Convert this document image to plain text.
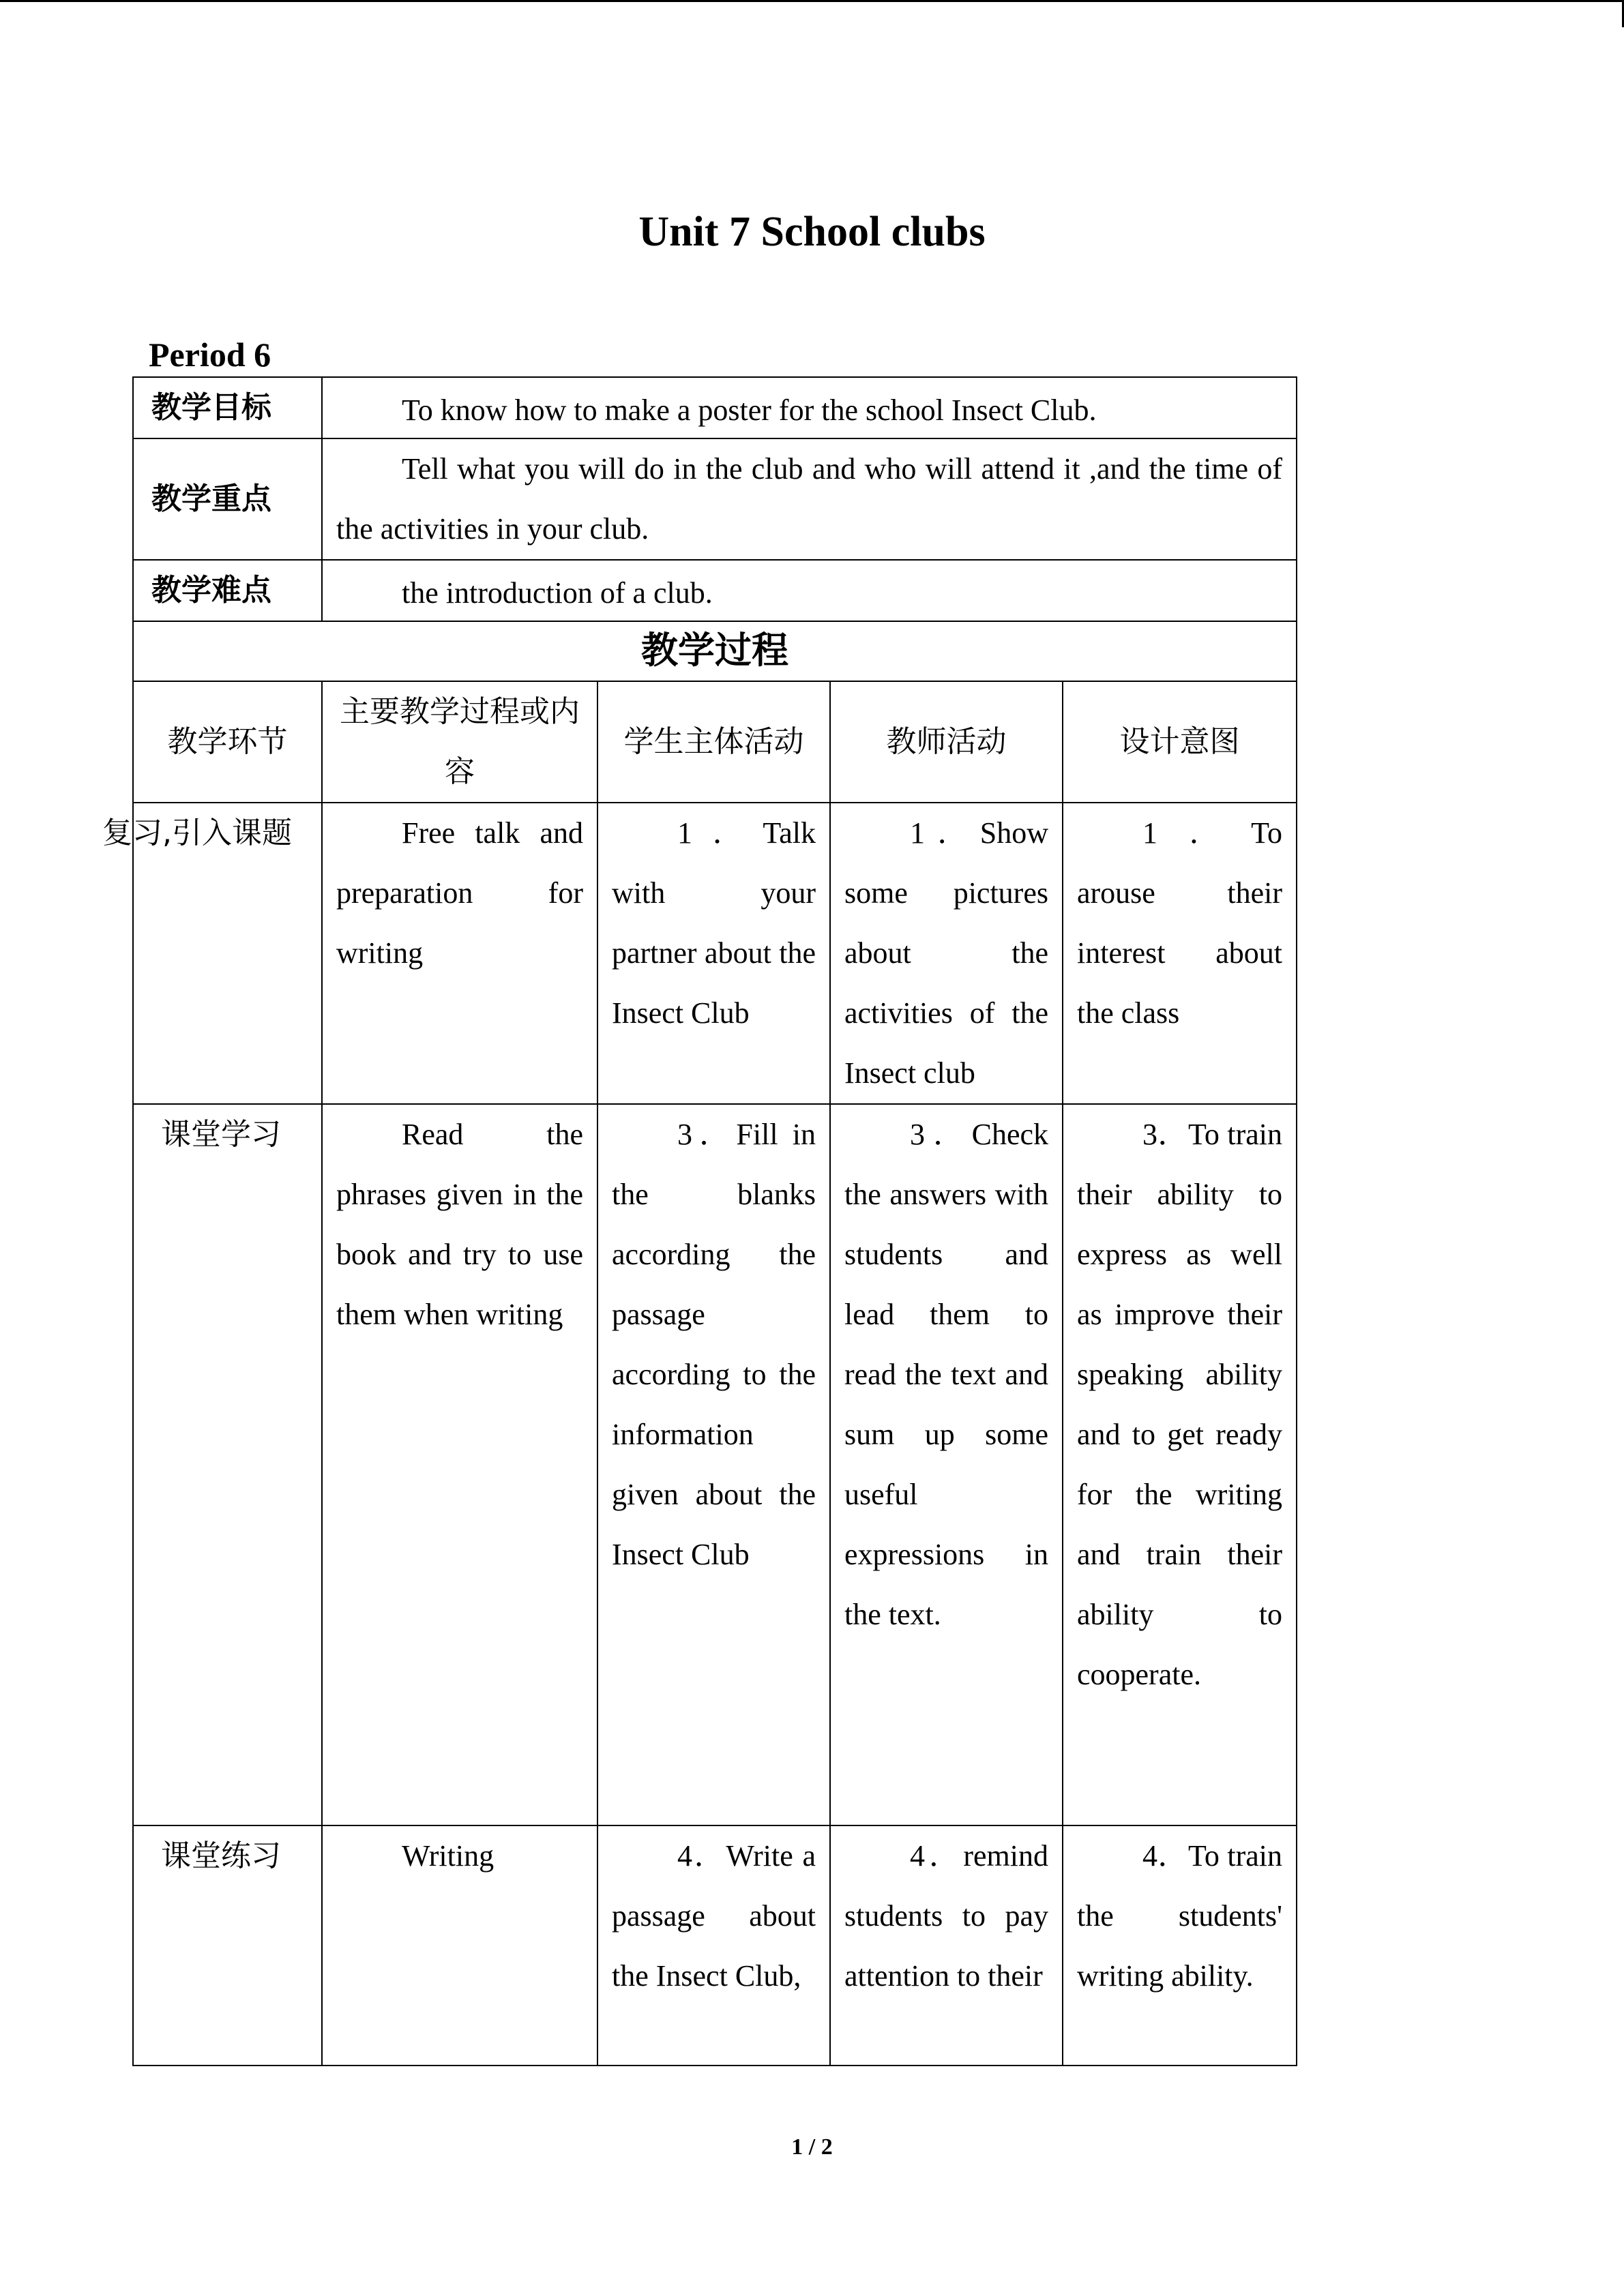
Unit 7 School clubs
Period 6
教学目标	To know how to make a poster for the school Insect Club.			

教学重点	Tell what you will do in the club and who will attend it ,and the time of the activities in your club.			

教学难点	the introduction of a club.			

教学过程				
教学环节	主要教学过程或内容	学生主体活动	教师活动	设计意图

复习,引入课题	Free talk and preparation for writing	1．Talk with your partner about the Insect Club	1．Show some pictures about the activities of the Insect club	1．To arouse their interest about the class

课堂学习	Read the phrases given in the book and try to use them when writing	3．Fill in the blanks according the passage according to the information given about the Insect Club	3．Check the answers with students and lead them to read the text and sum up some useful expressions in the text.	3．To train their ability to express as well as improve their speaking ability and to get ready for the writing and train their ability to cooperate.

课堂练习	Writing	4．Write a passage about the Insect Club,	4．remind students to pay attention to their	4．To train the students' writing ability.
1 / 2
